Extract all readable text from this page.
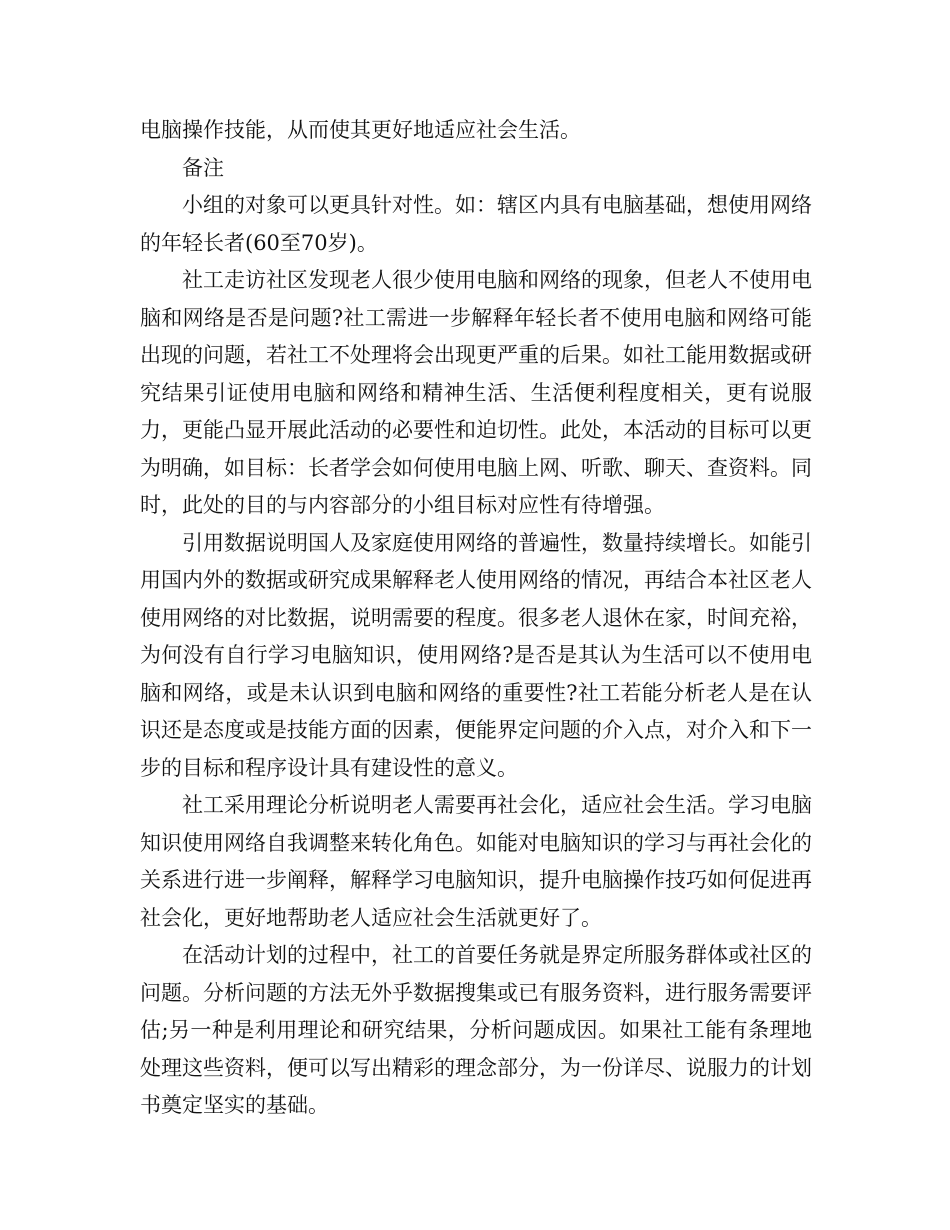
电脑操作技能，从而使其更好地适应社会生活。

备注

小组的对象可以更具针对性。如：辖区内具有电脑基础，想使用网络的年轻长者(60至70岁)。

社工走访社区发现老人很少使用电脑和网络的现象，但老人不使用电脑和网络是否是问题?社工需进一步解释年轻长者不使用电脑和网络可能出现的问题，若社工不处理将会出现更严重的后果。如社工能用数据或研究结果引证使用电脑和网络和精神生活、生活便利程度相关，更有说服力，更能凸显开展此活动的必要性和迫切性。此处，本活动的目标可以更为明确，如目标：长者学会如何使用电脑上网、听歌、聊天、查资料。同时，此处的目的与内容部分的小组目标对应性有待增强。

引用数据说明国人及家庭使用网络的普遍性，数量持续增长。如能引用国内外的数据或研究成果解释老人使用网络的情况，再结合本社区老人使用网络的对比数据，说明需要的程度。很多老人退休在家，时间充裕，为何没有自行学习电脑知识，使用网络?是否是其认为生活可以不使用电脑和网络，或是未认识到电脑和网络的重要性?社工若能分析老人是在认识还是态度或是技能方面的因素，便能界定问题的介入点，对介入和下一步的目标和程序设计具有建设性的意义。

社工采用理论分析说明老人需要再社会化，适应社会生活。学习电脑知识使用网络自我调整来转化角色。如能对电脑知识的学习与再社会化的关系进行进一步阐释，解释学习电脑知识，提升电脑操作技巧如何促进再社会化，更好地帮助老人适应社会生活就更好了。

在活动计划的过程中，社工的首要任务就是界定所服务群体或社区的问题。分析问题的方法无外乎数据搜集或已有服务资料，进行服务需要评估;另一种是利用理论和研究结果，分析问题成因。如果社工能有条理地处理这些资料，便可以写出精彩的理念部分，为一份详尽、说服力的计划书奠定坚实的基础。
